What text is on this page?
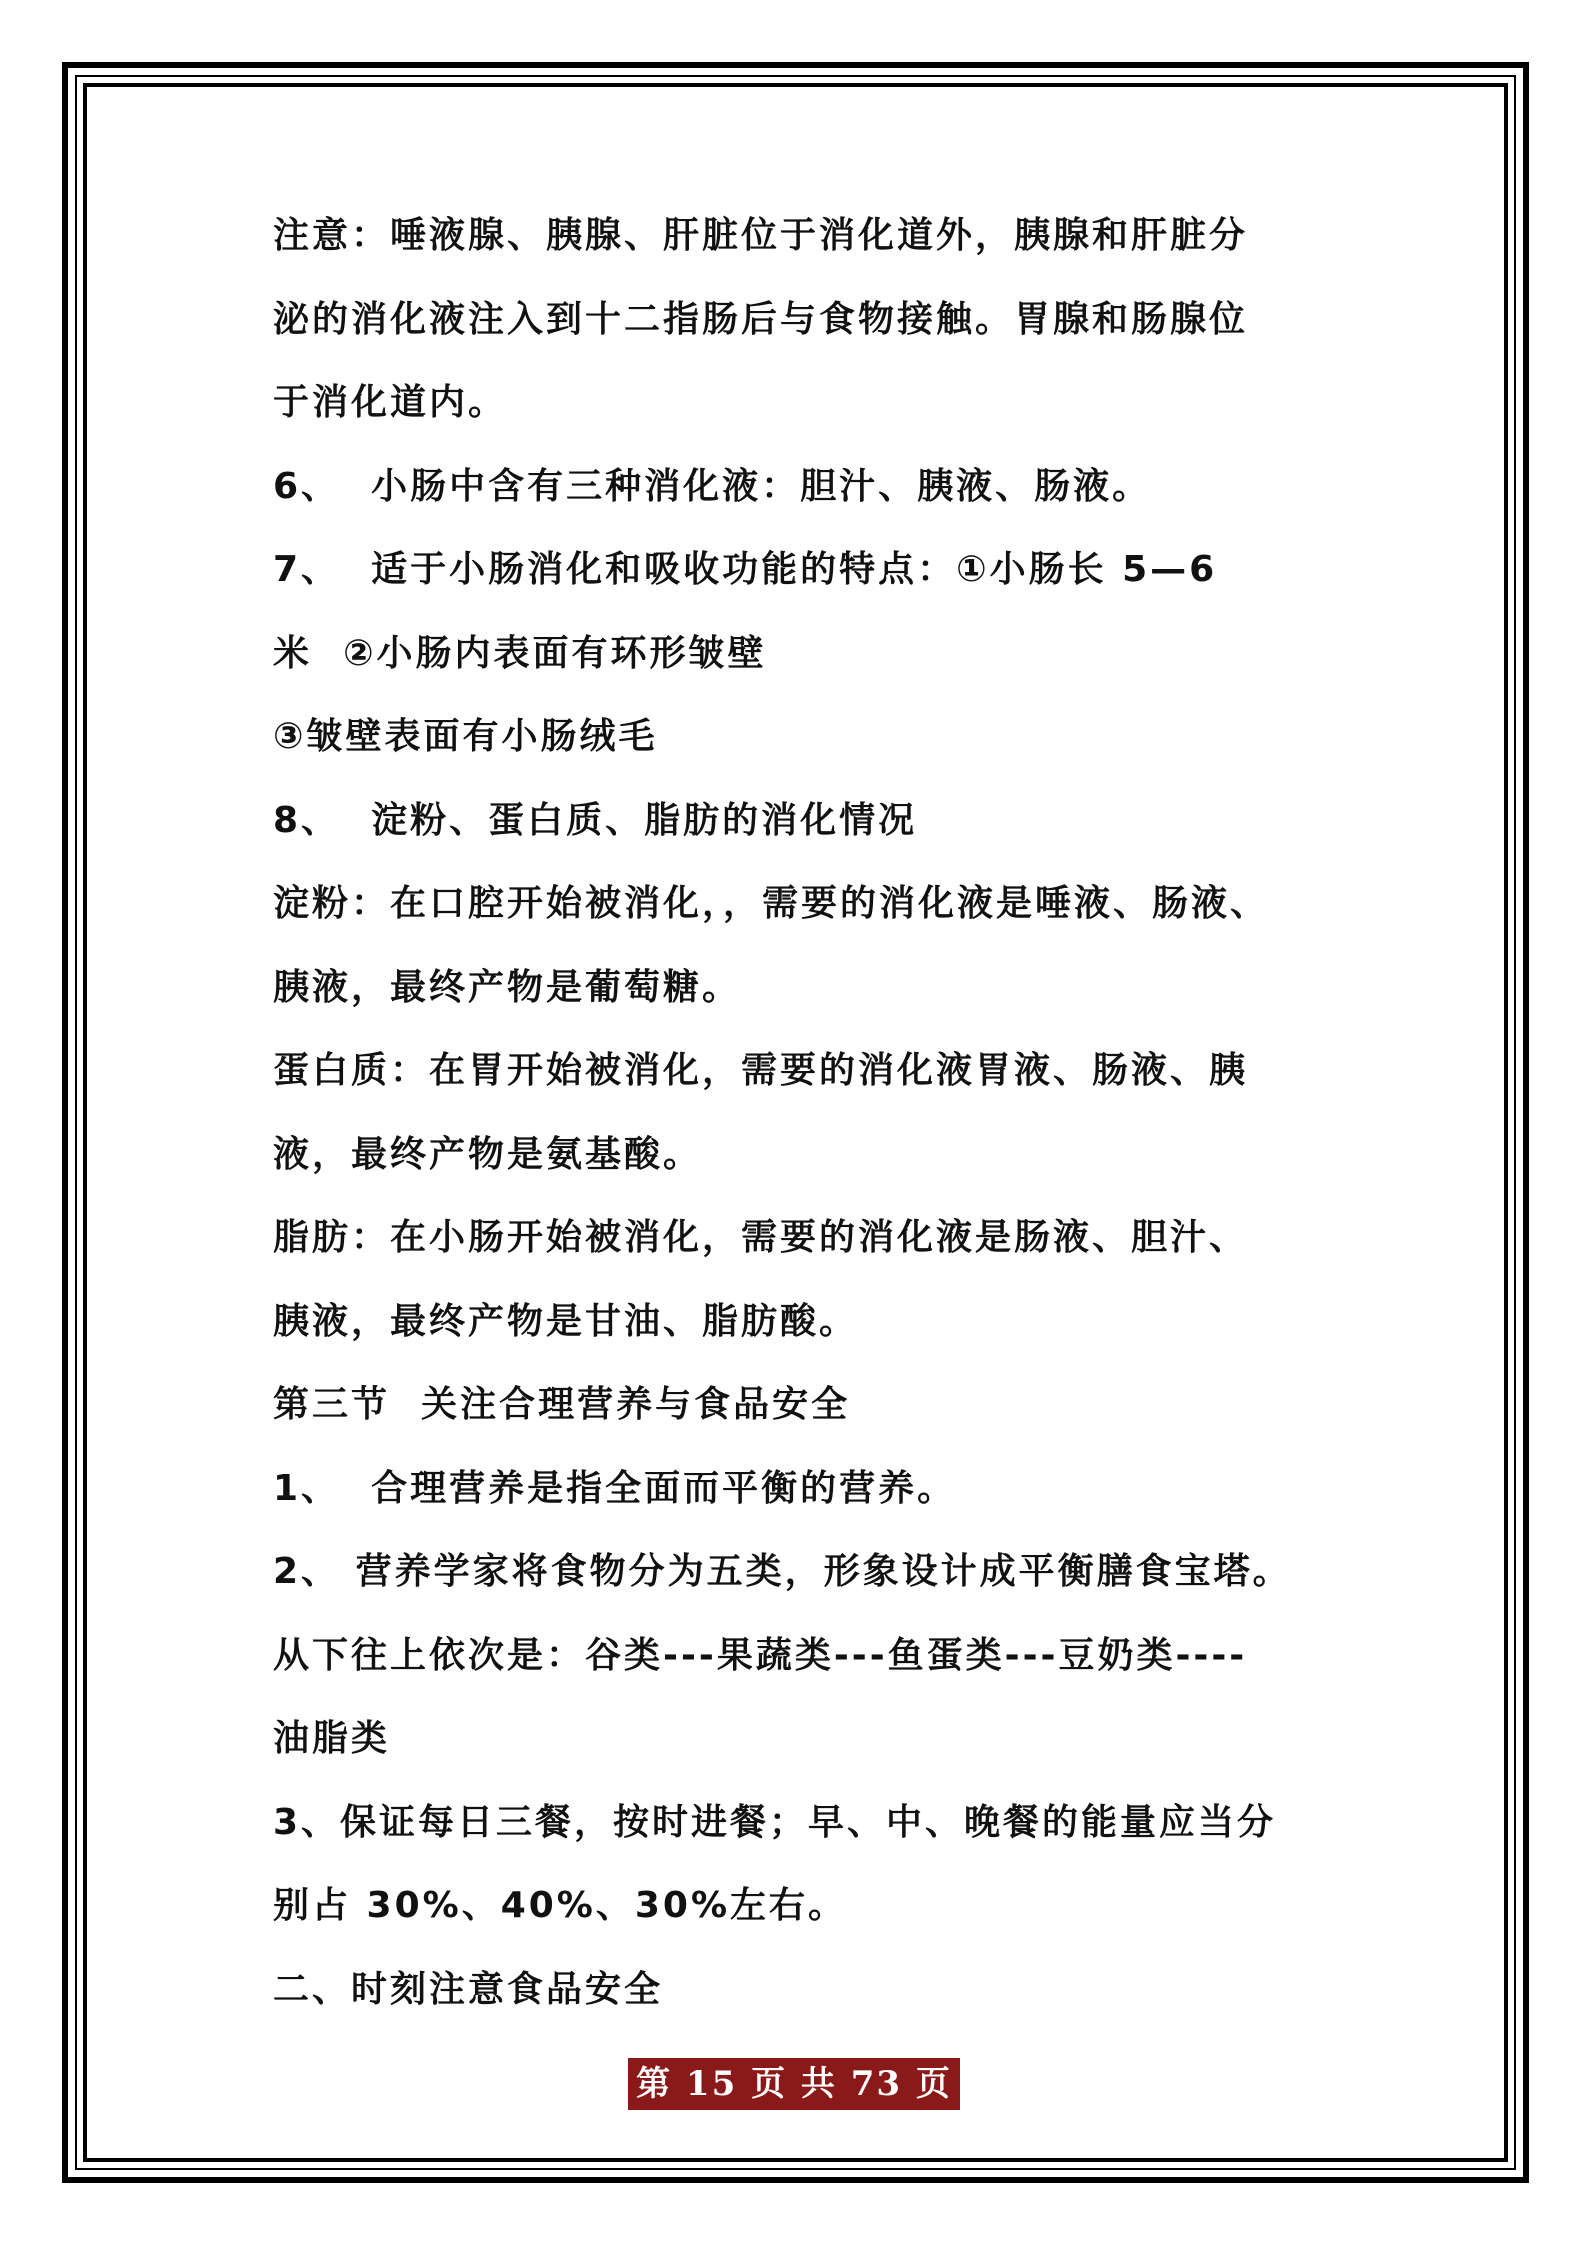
注意：唾液腺、胰腺、肝脏位于消化道外，胰腺和肝脏分
泌的消化液注入到十二指肠后与食物接触。胃腺和肠腺位
于消化道内。
6、  小肠中含有三种消化液：胆汁、胰液、肠液。
7、  适于小肠消化和吸收功能的特点：①小肠长 5—6
米  ②小肠内表面有环形皱壁
③皱壁表面有小肠绒毛
8、  淀粉、蛋白质、脂肪的消化情况
淀粉：在口腔开始被消化，，需要的消化液是唾液、肠液、
胰液，最终产物是葡萄糖。
蛋白质：在胃开始被消化，需要的消化液胃液、肠液、胰
液，最终产物是氨基酸。
脂肪：在小肠开始被消化，需要的消化液是肠液、胆汁、
胰液，最终产物是甘油、脂肪酸。
第三节  关注合理营养与食品安全
1、  合理营养是指全面而平衡的营养。
2、 营养学家将食物分为五类，形象设计成平衡膳食宝塔。
从下往上依次是：谷类---果蔬类---鱼蛋类---豆奶类----
油脂类
3、保证每日三餐，按时进餐；早、中、晚餐的能量应当分
别占 30%、40%、30%左右。
二、时刻注意食品安全
第 15 页 共 73 页
